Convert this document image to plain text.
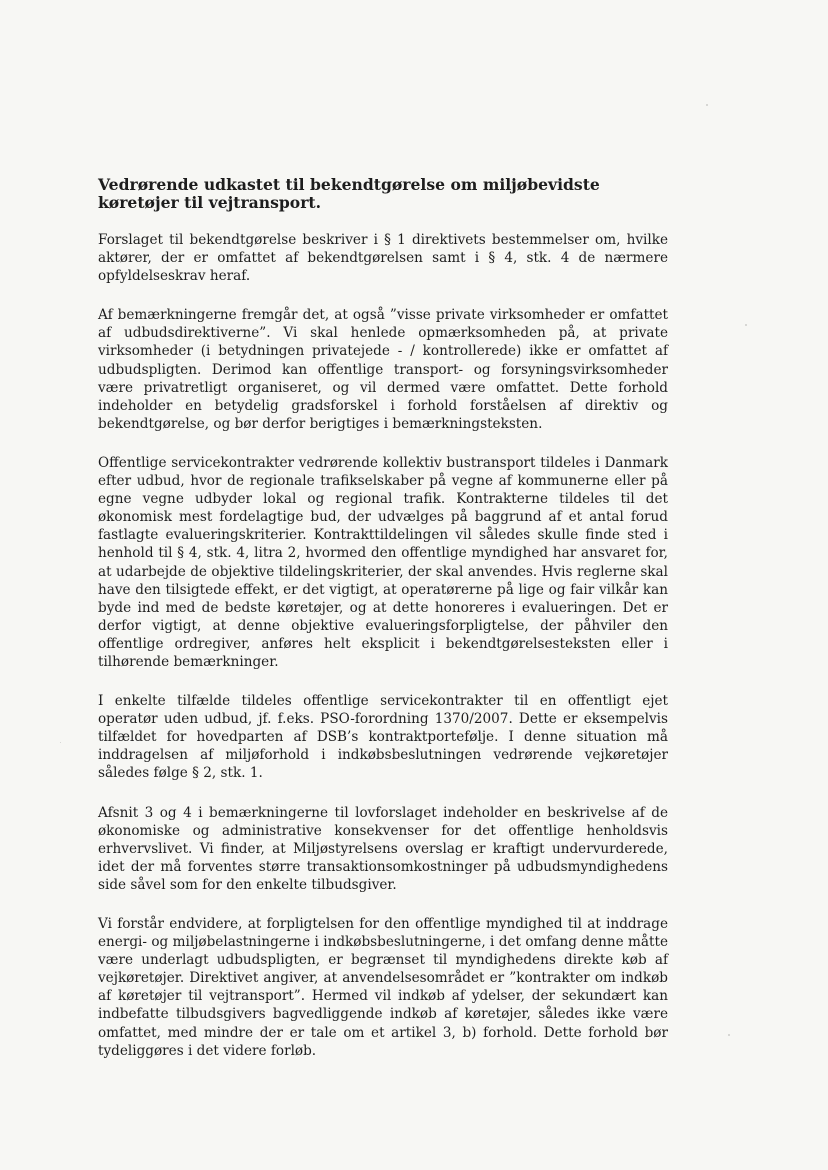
Vedrørende udkastet til bekendtgørelse om miljøbevidste køretøjer til vejtransport.

Forslaget til bekendtgørelse beskriver i § 1 direktivets bestemmelser om, hvilke aktører, der er omfattet af bekendtgørelsen samt i § 4, stk. 4 de nærmere opfyldelseskrav heraf.

Af bemærkningerne fremgår det, at også ”visse private virksomheder er omfattet af udbudsdirektiverne”. Vi skal henlede opmærksomheden på, at private virksomheder (i betydningen privatejede - / kontrollerede) ikke er omfattet af udbudspligten. Derimod kan offentlige transport- og forsyningsvirksomheder være privatretligt organiseret, og vil dermed være omfattet. Dette forhold indeholder en betydelig gradsforskel i forhold forståelsen af direktiv og bekendtgørelse, og bør derfor berigtiges i bemærkningsteksten.

Offentlige servicekontrakter vedrørende kollektiv bustransport tildeles i Danmark efter udbud, hvor de regionale trafikselskaber på vegne af kommunerne eller på egne vegne udbyder lokal og regional trafik. Kontrakterne tildeles til det økonomisk mest fordelagtige bud, der udvælges på baggrund af et antal forud fastlagte evalueringskriterier. Kontrakttildelingen vil således skulle finde sted i henhold til § 4, stk. 4, litra 2, hvormed den offentlige myndighed har ansvaret for, at udarbejde de objektive tildelingskriterier, der skal anvendes. Hvis reglerne skal have den tilsigtede effekt, er det vigtigt, at operatørerne på lige og fair vilkår kan byde ind med de bedste køretøjer, og at dette honoreres i evalueringen. Det er derfor vigtigt, at denne objektive evalueringsforpligtelse, der påhviler den offentlige ordregiver, anføres helt eksplicit i bekendtgørelsesteksten eller i tilhørende bemærkninger.

I enkelte tilfælde tildeles offentlige servicekontrakter til en offentligt ejet operatør uden udbud, jf. f.eks. PSO-forordning 1370/2007. Dette er eksempelvis tilfældet for hovedparten af DSB’s kontraktportefølje. I denne situation må inddragelsen af miljøforhold i indkøbsbeslutningen vedrørende vejkøretøjer således følge § 2, stk. 1.

Afsnit 3 og 4 i bemærkningerne til lovforslaget indeholder en beskrivelse af de økonomiske og administrative konsekvenser for det offentlige henholdsvis erhvervslivet. Vi finder, at Miljøstyrelsens overslag er kraftigt undervurderede, idet der må forventes større transaktionsomkostninger på udbudsmyndighedens side såvel som for den enkelte tilbudsgiver.

Vi forstår endvidere, at forpligtelsen for den offentlige myndighed til at inddrage energi- og miljøbelastningerne i indkøbsbeslutningerne, i det omfang denne måtte være underlagt udbudspligten, er begrænset til myndighedens direkte køb af vejkøretøjer. Direktivet angiver, at anvendelsesområdet er ”kontrakter om indkøb af køretøjer til vejtransport”. Hermed vil indkøb af ydelser, der sekundært kan indbefatte tilbudsgivers bagvedliggende indkøb af køretøjer, således ikke være omfattet, med mindre der er tale om et artikel 3, b) forhold. Dette forhold bør tydeliggøres i det videre forløb.
